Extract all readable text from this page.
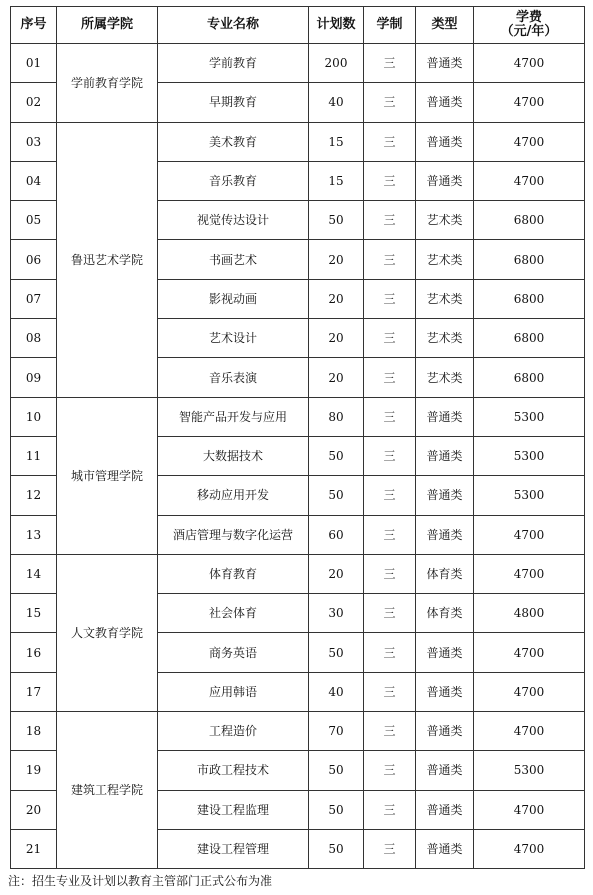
序号	所属学院	专业名称	计划数	学制	类型	学费
（元/年）

01	学前教育学院	学前教育	200	三	普通类	4700
02		早期教育	40	三	普通类	4700
03	鲁迅艺术学院	美术教育	15	三	普通类	4700
04		音乐教育	15	三	普通类	4700
05		视觉传达设计	50	三	艺术类	6800
06		书画艺术	20	三	艺术类	6800
07		影视动画	20	三	艺术类	6800
08		艺术设计	20	三	艺术类	6800
09		音乐表演	20	三	艺术类	6800
10	城市管理学院	智能产品开发与应用	80	三	普通类	5300
11		大数据技术	50	三	普通类	5300
12		移动应用开发	50	三	普通类	5300
13		酒店管理与数字化运营	60	三	普通类	4700
14	人文教育学院	体育教育	20	三	体育类	4700
15		社会体育	30	三	体育类	4800
16		商务英语	50	三	普通类	4700
17		应用韩语	40	三	普通类	4700
18	建筑工程学院	工程造价	70	三	普通类	4700
19		市政工程技术	50	三	普通类	5300
20		建设工程监理	50	三	普通类	4700
21		建设工程管理	50	三	普通类	4700
注：招生专业及计划以教育主管部门正式公布为准
